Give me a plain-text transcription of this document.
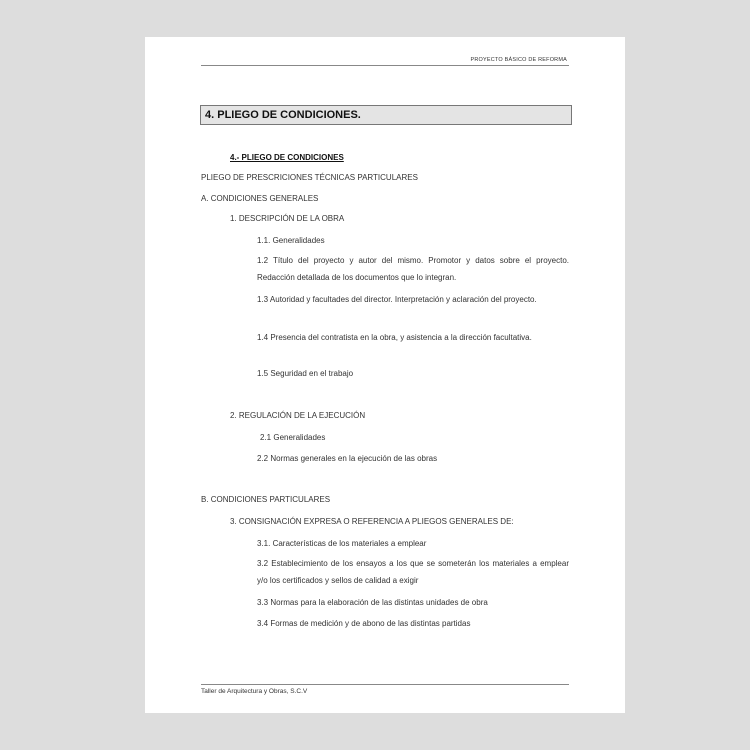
PROYECTO BÁSICO DE REFORMA
4. PLIEGO DE CONDICIONES.
4.- PLIEGO DE CONDICIONES
PLIEGO DE PRESCRICIONES TÉCNICAS PARTICULARES
A. CONDICIONES GENERALES
1. DESCRIPCIÓN DE LA OBRA
1.1. Generalidades
1.2 Título del proyecto y autor del mismo. Promotor y datos sobre el proyecto. Redacción detallada de los documentos que lo integran.
1.3 Autoridad y facultades del director. Interpretación y aclaración del proyecto.
1.4 Presencia del contratista en la obra, y asistencia a la dirección facultativa.
1.5 Seguridad en el trabajo
2. REGULACIÓN DE LA EJECUCIÓN
2.1 Generalidades
2.2 Normas generales en la ejecución de las obras
B. CONDICIONES PARTICULARES
3. CONSIGNACIÓN EXPRESA O REFERENCIA A PLIEGOS GENERALES DE:
3.1. Características de los materiales a emplear
3.2 Establecimiento de los ensayos a los que se someterán los materiales a emplear y/o los certificados y sellos de calidad a exigir
3.3 Normas para la elaboración de las distintas unidades de obra
3.4 Formas de medición y de abono de las distintas partidas
Taller de Arquitectura y Obras, S.C.V
